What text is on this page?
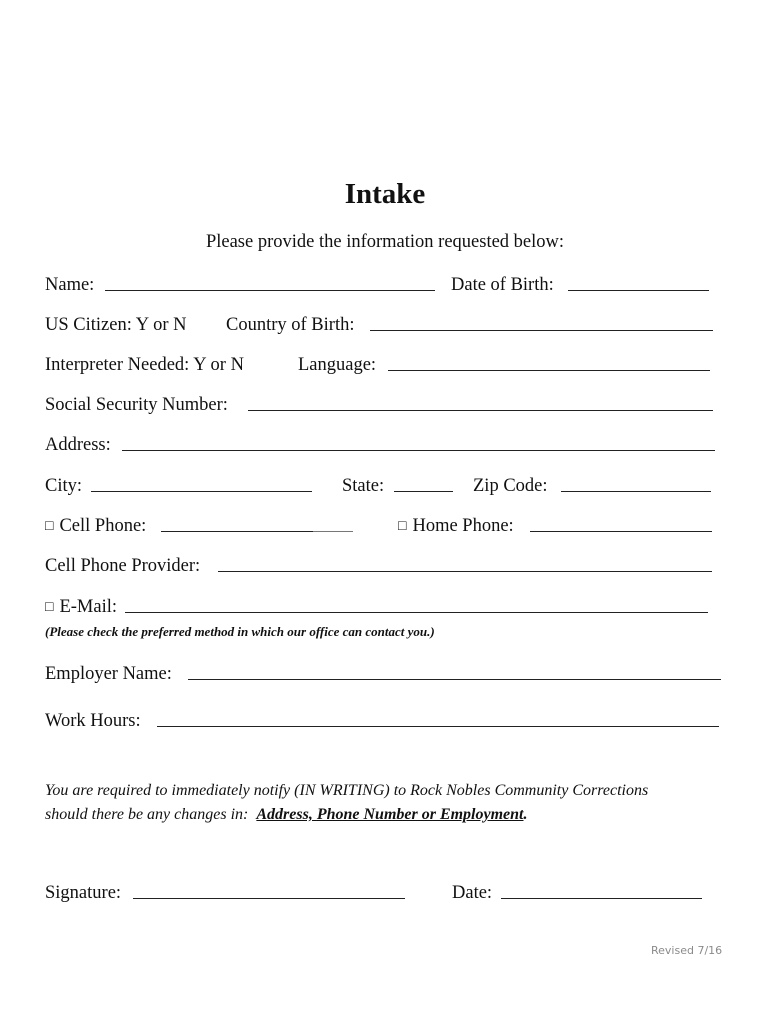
Intake
Please provide the information requested below:
Name:	Date of Birth:
US Citizen: Y or N Country of Birth:
Interpreter Needed: Y or N	Language:
Social Security Number:
Address:
City:	State:	Zip Code:
□ Cell Phone:	□ Home Phone:
Cell Phone Provider:
□ E-Mail:
(Please check the preferred method in which our office can contact you.)
Employer Name:
Work Hours:
You are required to immediately notify (IN WRITING) to Rock Nobles Community Corrections
should there be any changes in: Address, Phone Number or Employment.
Signature:	Date:
Revised 7/16
